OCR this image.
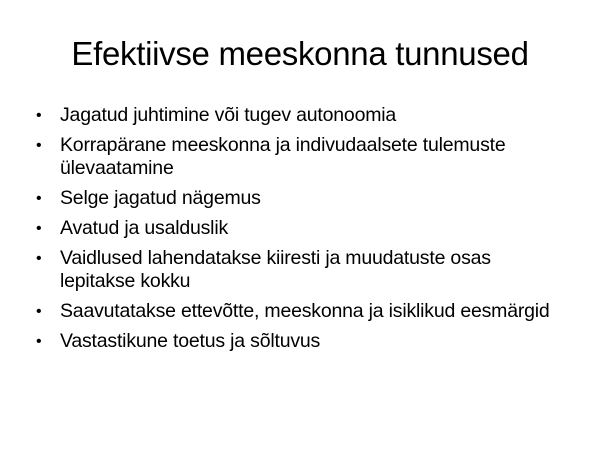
Efektiivse meeskonna tunnused
• Jagatud juhtimine või tugev autonoomia
• Korrapärane meeskonna ja indivudaalsete tulemuste ülevaatamine
• Selge jagatud nägemus
• Avatud ja usalduslik
• Vaidlused lahendatakse kiiresti ja muudatuste osas lepitakse kokku
• Saavutatakse ettevõtte, meeskonna ja isiklikud eesmärgid
• Vastastikune toetus ja sõltuvus
